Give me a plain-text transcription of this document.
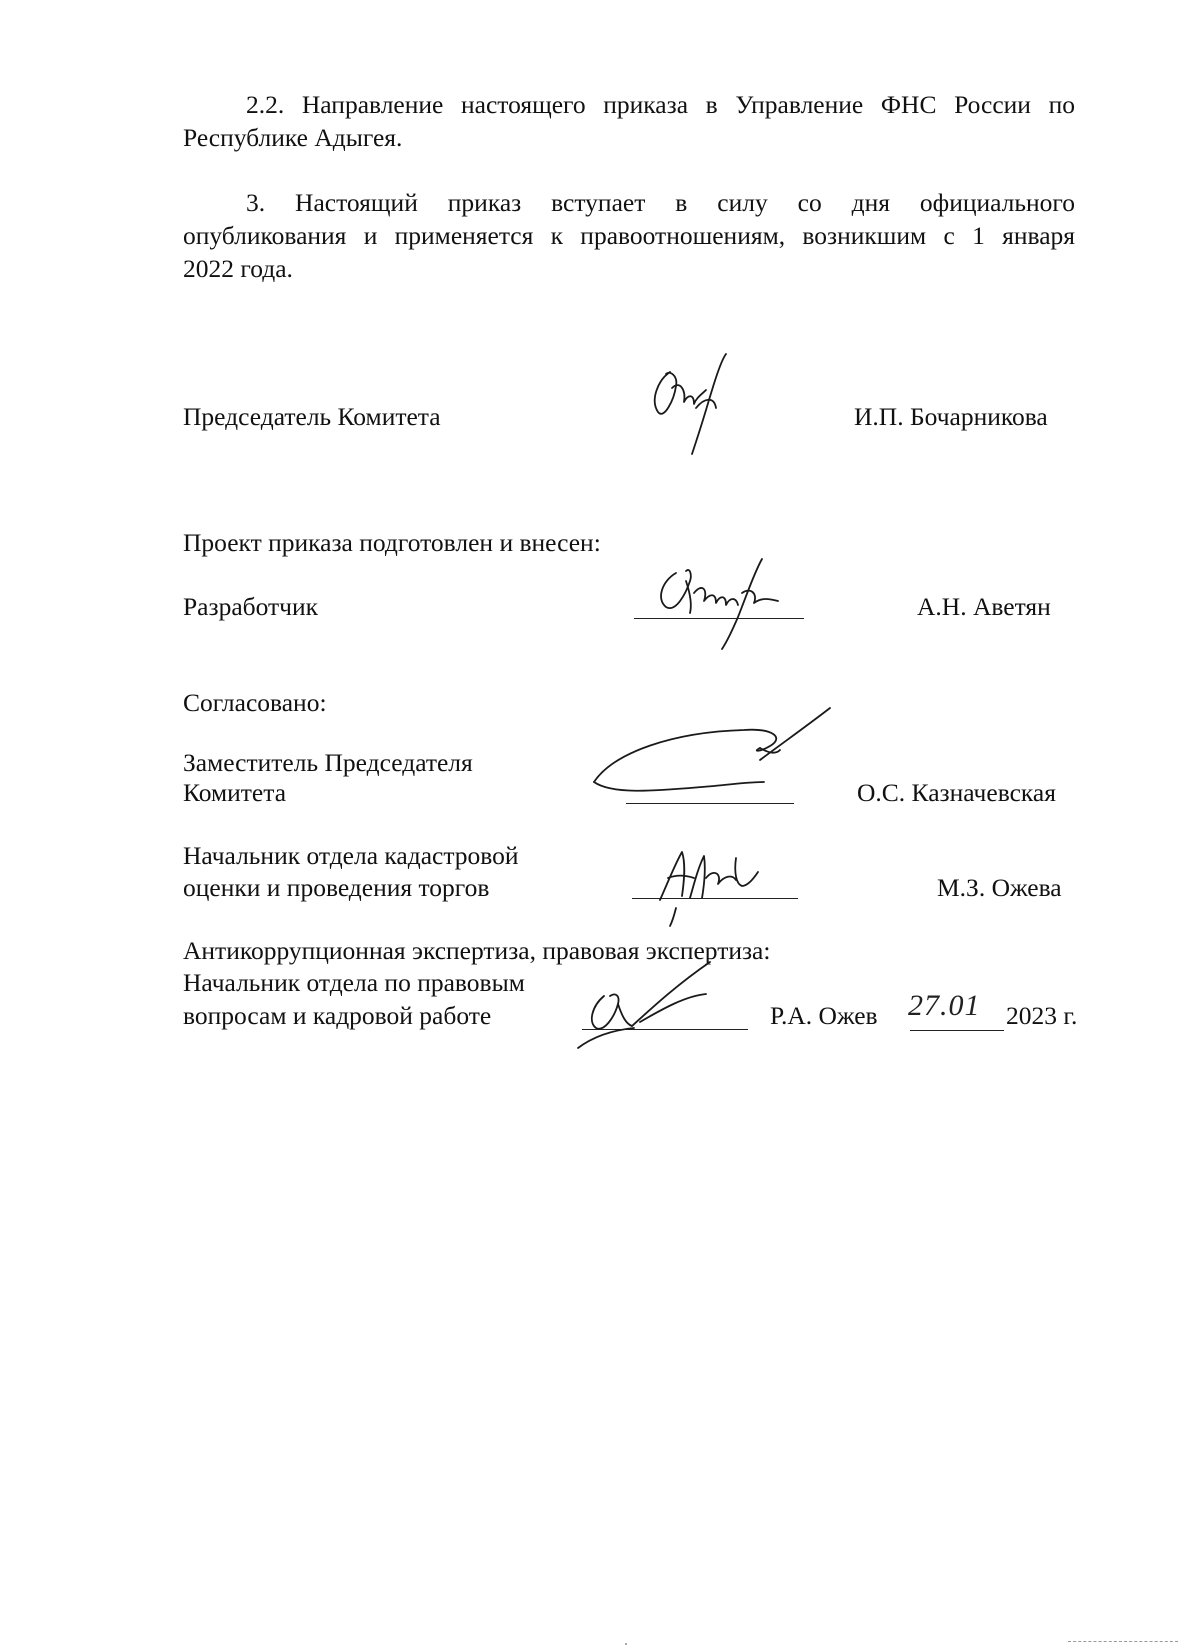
2.2. Направление настоящего приказа в Управление ФНС России по
Республике Адыгея.
3. Настоящий приказ вступает в силу со дня официального
опубликования и применяется к правоотношениям, возникшим с 1 января
2022 года.
Председатель Комитета	И.П. Бочарникова
Проект приказа подготовлен и внесен:
Разработчик	А.Н. Аветян
Согласовано:
Заместитель Председателя
Комитета	О.С. Казначевская
Начальник отдела кадастровой
оценки и проведения торгов	М.З. Ожева
Антикоррупционная экспертиза, правовая экспертиза:
Начальник отдела по правовым
вопросам и кадровой работе	Р.А. Ожев 27.01 2023 г.
